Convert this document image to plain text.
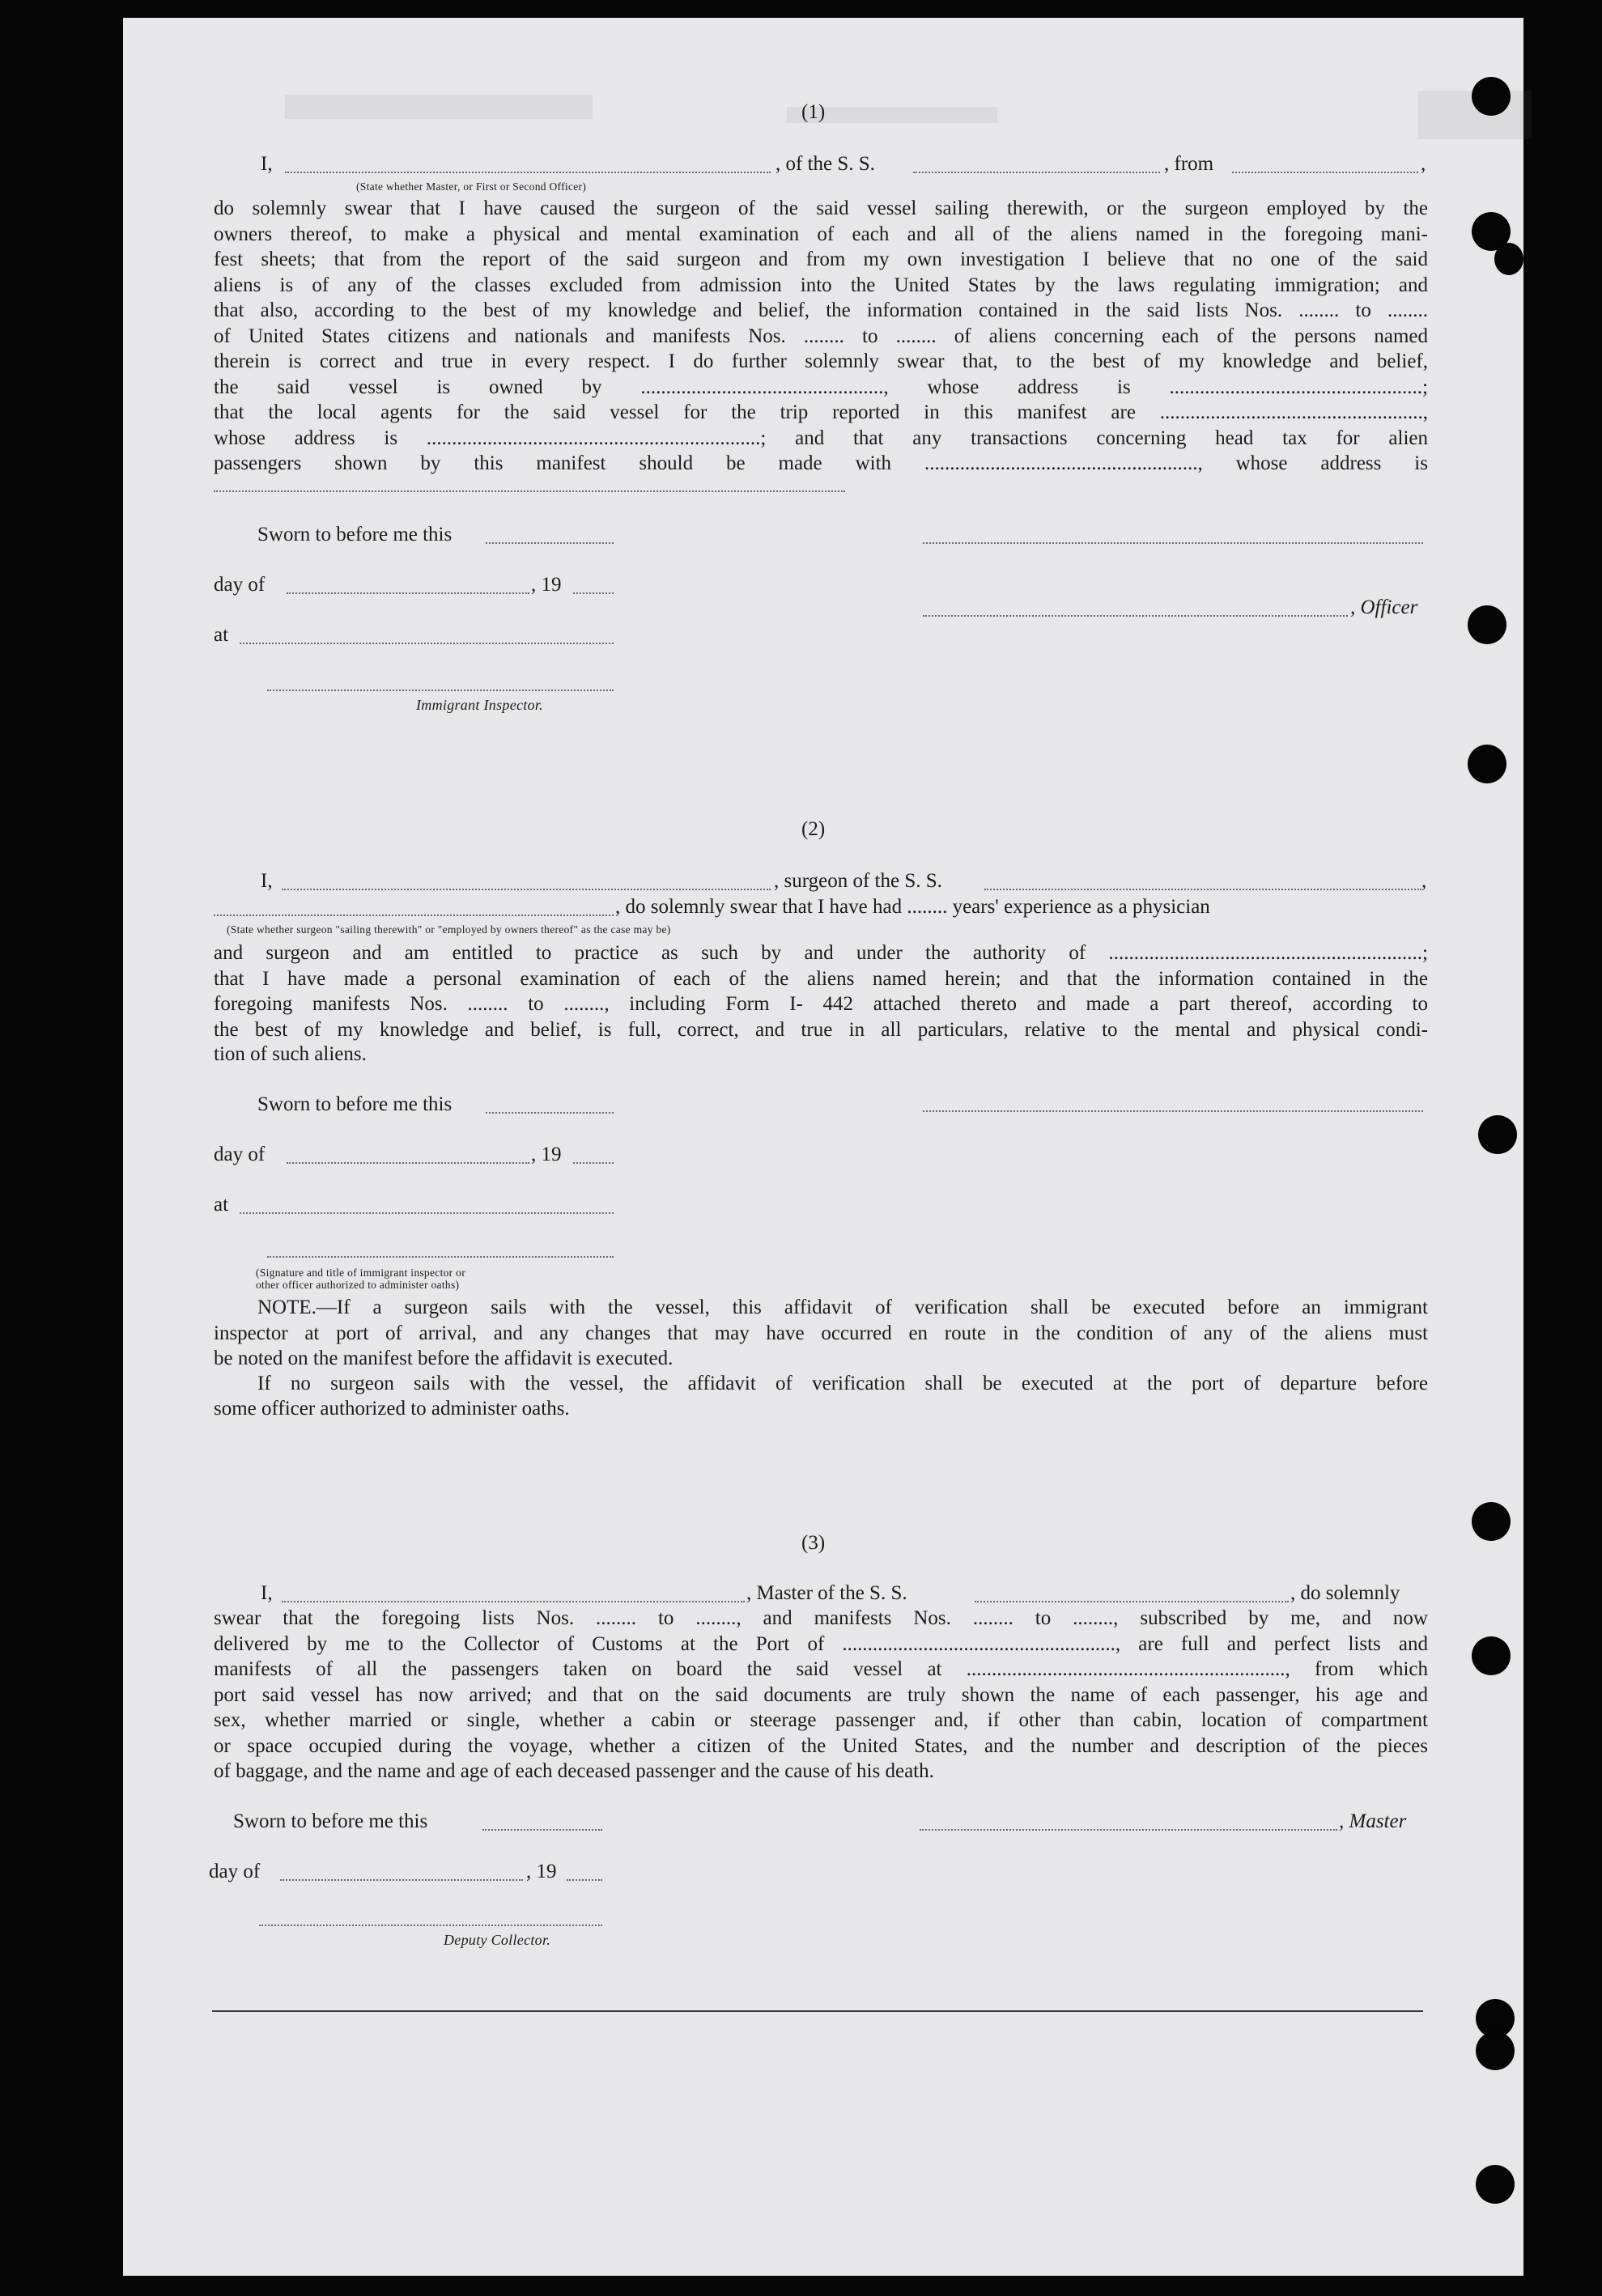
(1)
I,	, of the S. S.	, from	,
(State whether Master, or First or Second Officer)
do solemnly swear that I have caused the surgeon of the said vessel sailing therewith, or the surgeon employed by the
owners thereof, to make a physical and mental examination of each and all of the aliens named in the foregoing mani-
fest sheets; that from the report of the said surgeon and from my own investigation I believe that no one of the said
aliens is of any of the classes excluded from admission into the United States by the laws regulating immigration; and
that also, according to the best of my knowledge and belief, the information contained in the said lists Nos. ........ to ........
of United States citizens and nationals and manifests Nos. ........ to ........ of aliens concerning each of the persons named
therein is correct and true in every respect. I do further solemnly swear that, to the best of my knowledge and belief,
the said vessel is owned by ................................................, whose address is ..................................................;
that the local agents for the said vessel for the trip reported in this manifest are ....................................................,
whose address is ..................................................................; and that any transactions concerning head tax for alien
passengers shown by this manifest should be made with ......................................................, whose address is
Sworn to before me this
day of	, 19
, Officer
at
Immigrant Inspector.
(2)
I,	, surgeon of the S. S.	,
, do solemnly swear that I have had ........ years' experience as a physician
(State whether surgeon "sailing therewith" or "employed by owners thereof" as the case may be)
and surgeon and am entitled to practice as such by and under the authority of ..............................................................;
that I have made a personal examination of each of the aliens named herein; and that the information contained in the
foregoing manifests Nos. ........ to ........, including Form I- 442 attached thereto and made a part thereof, according to
the best of my knowledge and belief, is full, correct, and true in all particulars, relative to the mental and physical condi-
tion of such aliens.
Sworn to before me this
day of	, 19
at
(Signature and title of immigrant inspector or
other officer authorized to administer oaths)
NOTE.—If a surgeon sails with the vessel, this affidavit of verification shall be executed before an immigrant
inspector at port of arrival, and any changes that may have occurred en route in the condition of any of the aliens must
be noted on the manifest before the affidavit is executed.
If no surgeon sails with the vessel, the affidavit of verification shall be executed at the port of departure before
some officer authorized to administer oaths.
(3)
I,	, Master of the S. S.	, do solemnly
swear that the foregoing lists Nos. ........ to ........, and manifests Nos. ........ to ........, subscribed by me, and now
delivered by me to the Collector of Customs at the Port of ......................................................, are full and perfect lists and
manifests of all the passengers taken on board the said vessel at ..............................................................., from which
port said vessel has now arrived; and that on the said documents are truly shown the name of each passenger, his age and
sex, whether married or single, whether a cabin or steerage passenger and, if other than cabin, location of compartment
or space occupied during the voyage, whether a citizen of the United States, and the number and description of the pieces
of baggage, and the name and age of each deceased passenger and the cause of his death.
Sworn to before me this	, Master
day of	, 19
Deputy Collector.
